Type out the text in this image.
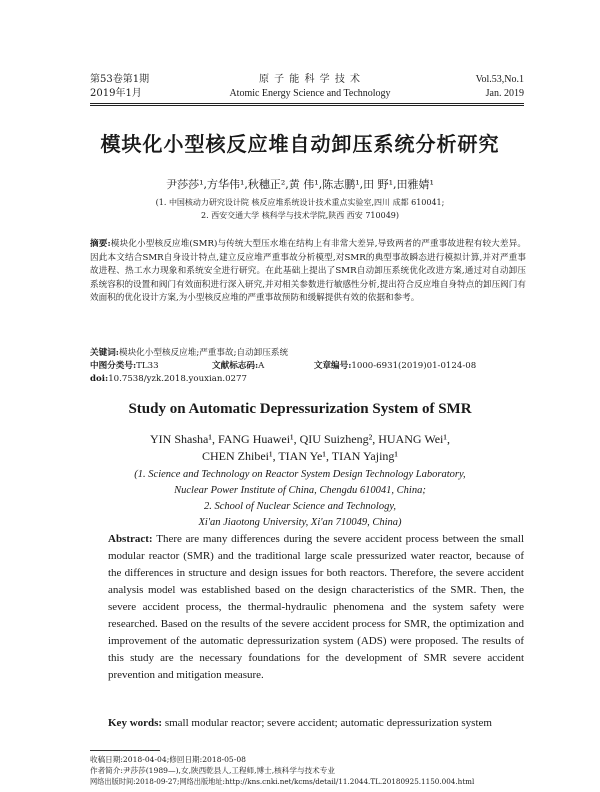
第53卷第1期
2019年1月
原 子 能 科 学 技 术
Atomic Energy Science and Technology
Vol.53,No.1
Jan. 2019
模块化小型核反应堆自动卸压系统分析研究
尹莎莎¹,方华伟¹,秋穗正²,黄 伟¹,陈志鹏¹,田 野¹,田雅婧¹
(1. 中国核动力研究设计院 核反应堆系统设计技术重点实验室,四川 成都 610041;
2. 西安交通大学 核科学与技术学院,陕西 西安 710049)
摘要:模块化小型核反应堆(SMR)与传统大型压水堆在结构上有非常大差异,导致两者的严重事故进程有较大差异。因此本文结合SMR自身设计特点,建立反应堆严重事故分析模型,对SMR的典型事故瞬态进行模拟计算,并对严重事故进程、热工水力现象和系统安全进行研究。在此基础上提出了SMR自动卸压系统优化改进方案,通过对自动卸压系统容积的设置和阀门有效面积进行深入研究,并对相关参数进行敏感性分析,提出符合反应堆自身特点的卸压阀门有效面积的优化设计方案,为小型核反应堆的严重事故预防和缓解提供有效的依据和参考。
关键词:模块化小型核反应堆;严重事故;自动卸压系统
中图分类号:TL33	文献标志码:A	文章编号:1000-6931(2019)01-0124-08
doi:10.7538/yzk.2018.youxian.0277
Study on Automatic Depressurization System of SMR
YIN Shasha¹, FANG Huawei¹, QIU Suizheng², HUANG Wei¹,
CHEN Zhibei¹, TIAN Ye¹, TIAN Yajing¹
(1. Science and Technology on Reactor System Design Technology Laboratory,
Nuclear Power Institute of China, Chengdu 610041, China;
2. School of Nuclear Science and Technology,
Xi'an Jiaotong University, Xi'an 710049, China)
Abstract: There are many differences during the severe accident process between the small modular reactor (SMR) and the traditional large scale pressurized water reactor, because of the differences in structure and design issues for both reactors. Therefore, the severe accident analysis model was established based on the design characteristics of the SMR. Then, the severe accident process, the thermal-hydraulic phenomena and the system safety were researched. Based on the results of the severe accident process for SMR, the optimization and improvement of the automatic depressurization system (ADS) were proposed. The results of this study are the necessary foundations for the development of SMR severe accident prevention and mitigation measure.
Key words: small modular reactor; severe accident; automatic depressurization system
收稿日期:2018-04-04;修回日期:2018-05-08
作者简介:尹莎莎(1989—),女,陕西乾县人,工程师,博士,核科学与技术专业
网络出版时间:2018-09-27;网络出版地址:http://kns.cnki.net/kcms/detail/11.2044.TL.20180925.1150.004.html
